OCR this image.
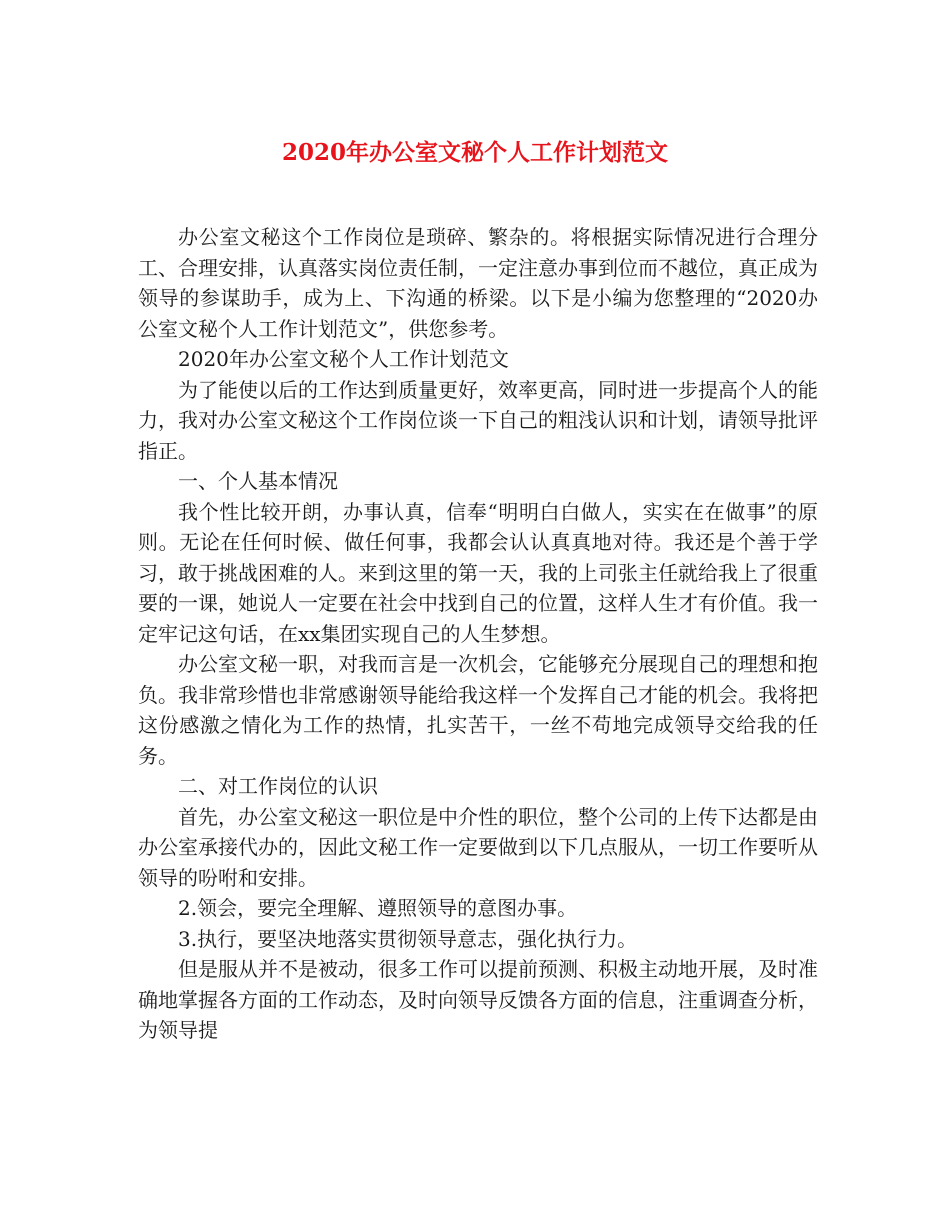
2020年办公室文秘个人工作计划范文

办公室文秘这个工作岗位是琐碎、繁杂的。将根据实际情况进行合理分工、合理安排，认真落实岗位责任制，一定注意办事到位而不越位，真正成为领导的参谋助手，成为上、下沟通的桥梁。以下是小编为您整理的“2020办公室文秘个人工作计划范文”，供您参考。

2020年办公室文秘个人工作计划范文

为了能使以后的工作达到质量更好，效率更高，同时进一步提高个人的能力，我对办公室文秘这个工作岗位谈一下自己的粗浅认识和计划，请领导批评指正。

一、个人基本情况

我个性比较开朗，办事认真，信奉“明明白白做人，实实在在做事”的原则。无论在任何时候、做任何事，我都会认认真真地对待。我还是个善于学习，敢于挑战困难的人。来到这里的第一天，我的上司张主任就给我上了很重要的一课，她说人一定要在社会中找到自己的位置，这样人生才有价值。我一定牢记这句话，在xx集团实现自己的人生梦想。

办公室文秘一职，对我而言是一次机会，它能够充分展现自己的理想和抱负。我非常珍惜也非常感谢领导能给我这样一个发挥自己才能的机会。我将把这份感激之情化为工作的热情，扎实苦干，一丝不苟地完成领导交给我的任务。

二、对工作岗位的认识

首先，办公室文秘这一职位是中介性的职位，整个公司的上传下达都是由办公室承接代办的，因此文秘工作一定要做到以下几点服从，一切工作要听从领导的吩咐和安排。

2.领会，要完全理解、遵照领导的意图办事。

3.执行，要坚决地落实贯彻领导意志，强化执行力。

但是服从并不是被动，很多工作可以提前预测、积极主动地开展，及时准确地掌握各方面的工作动态，及时向领导反馈各方面的信息，注重调查分析，为领导提
